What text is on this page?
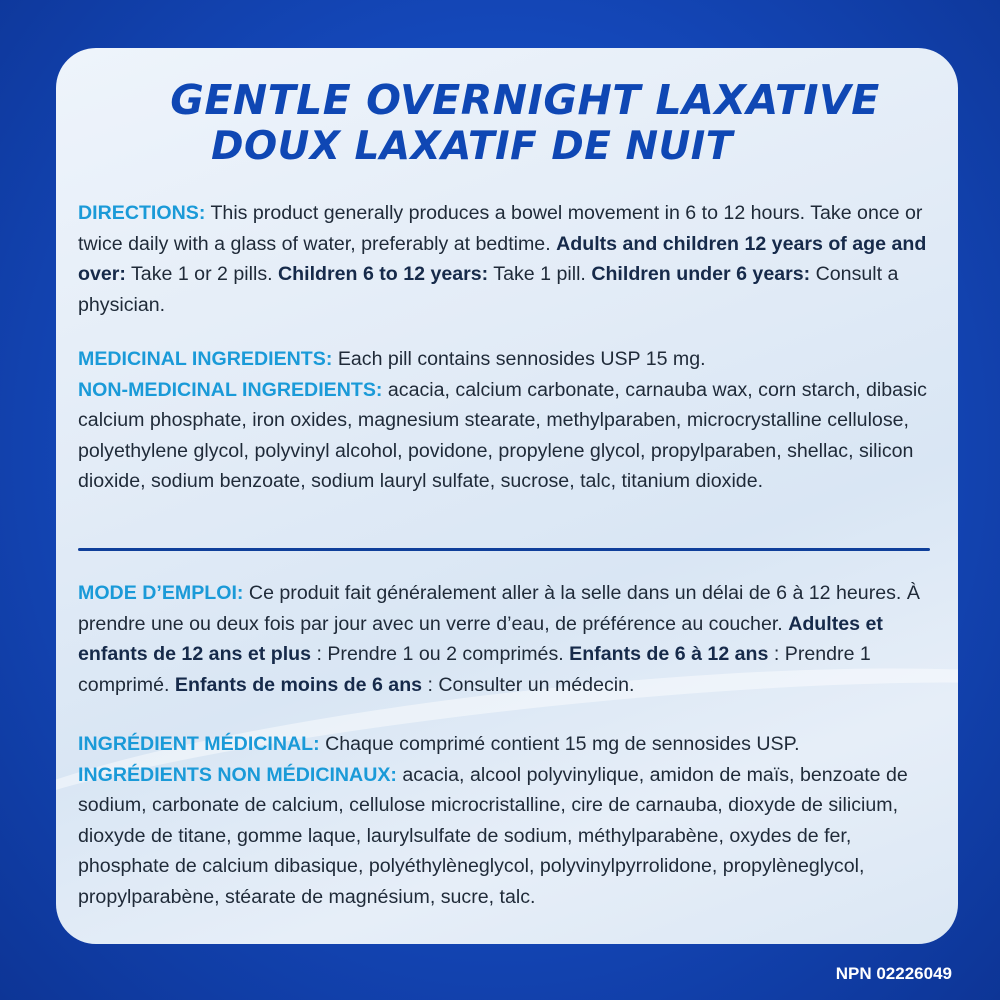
GENTLE OVERNIGHT LAXATIVE
DOUX LAXATIF DE NUIT

DIRECTIONS: This product generally produces a bowel movement in 6 to 12 hours. Take once or twice daily with a glass of water, preferably at bedtime. Adults and children 12 years of age and over: Take 1 or 2 pills. Children 6 to 12 years: Take 1 pill. Children under 6 years: Consult a physician.

MEDICINAL INGREDIENTS: Each pill contains sennosides USP 15 mg.
NON-MEDICINAL INGREDIENTS: acacia, calcium carbonate, carnauba wax, corn starch, dibasic calcium phosphate, iron oxides, magnesium stearate, methylparaben, microcrystalline cellulose, polyethylene glycol, polyvinyl alcohol, povidone, propylene glycol, propylparaben, shellac, silicon dioxide, sodium benzoate, sodium lauryl sulfate, sucrose, talc, titanium dioxide.

MODE D’EMPLOI: Ce produit fait généralement aller à la selle dans un délai de 6 à 12 heures. À prendre une ou deux fois par jour avec un verre d’eau, de préférence au coucher. Adultes et enfants de 12 ans et plus : Prendre 1 ou 2 comprimés. Enfants de 6 à 12 ans : Prendre 1 comprimé. Enfants de moins de 6 ans : Consulter un médecin.

INGRÉDIENT MÉDICINAL: Chaque comprimé contient 15 mg de sennosides USP.
INGRÉDIENTS NON MÉDICINAUX: acacia, alcool polyvinylique, amidon de maïs, benzoate de sodium, carbonate de calcium, cellulose microcristalline, cire de carnauba, dioxyde de silicium, dioxyde de titane, gomme laque, laurylsulfate de sodium, méthylparabène, oxydes de fer, phosphate de calcium dibasique, polyéthylèneglycol, polyvinylpyrrolidone, propylèneglycol, propylparabène, stéarate de magnésium, sucre, talc.

NPN 02226049
